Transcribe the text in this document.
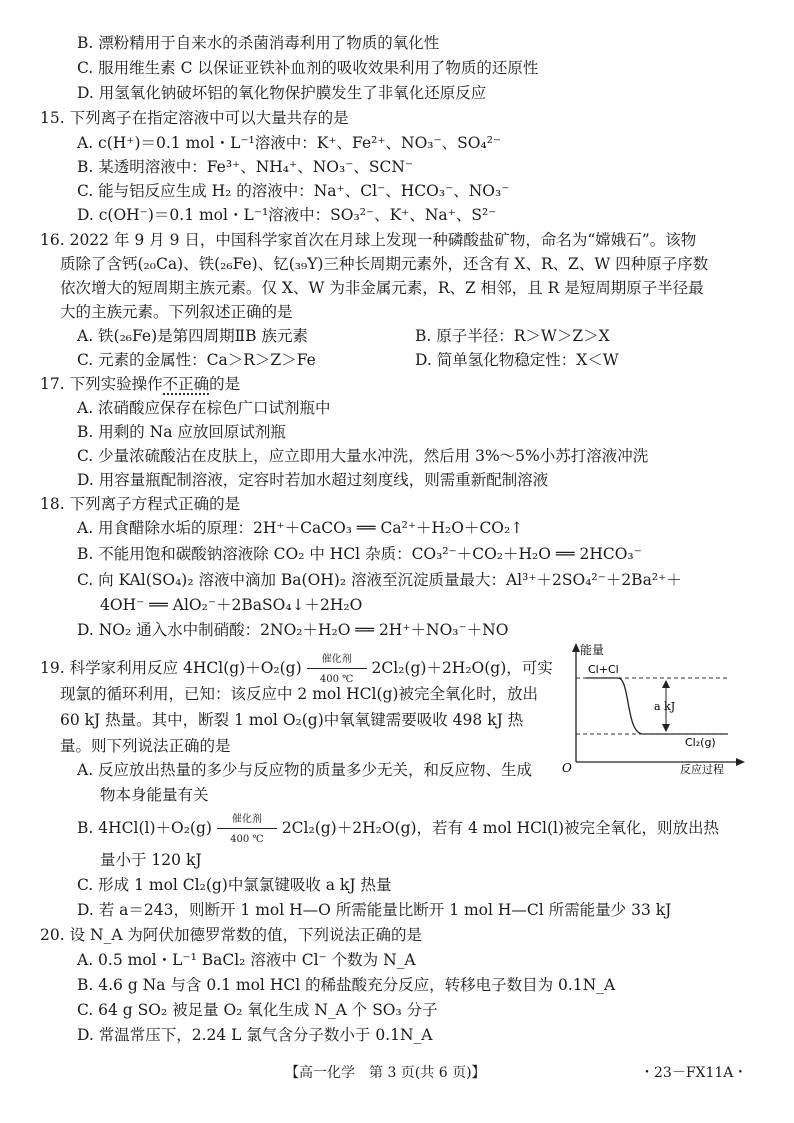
B. 漂粉精用于自来水的杀菌消毒利用了物质的氧化性
C. 服用维生素 C 以保证亚铁补血剂的吸收效果利用了物质的还原性
D. 用氢氧化钠破坏铝的氧化物保护膜发生了非氧化还原反应
15. 下列离子在指定溶液中可以大量共存的是
A. c(H⁺)＝0.1 mol・L⁻¹溶液中：K⁺、Fe²⁺、NO₃⁻、SO₄²⁻
B. 某透明溶液中：Fe³⁺、NH₄⁺、NO₃⁻、SCN⁻
C. 能与铝反应生成 H₂ 的溶液中：Na⁺、Cl⁻、HCO₃⁻、NO₃⁻
D. c(OH⁻)＝0.1 mol・L⁻¹溶液中：SO₃²⁻、K⁺、Na⁺、S²⁻
16. 2022 年 9 月 9 日，中国科学家首次在月球上发现一种磷酸盐矿物，命名为“嫦娥石”。该物
质除了含钙(₂₀Ca)、铁(₂₆Fe)、钇(₃₉Y)三种长周期元素外，还含有 X、R、Z、W 四种原子序数
依次增大的短周期主族元素。仅 X、W 为非金属元素，R、Z 相邻，且 R 是短周期原子半径最
大的主族元素。下列叙述正确的是
A. 铁(₂₆Fe)是第四周期ⅡB 族元素	B. 原子半径：R＞W＞Z＞X
C. 元素的金属性：Ca＞R＞Z＞Fe	D. 简单氢化物稳定性：X＜W
17. 下列实验操作不正确的是
A. 浓硝酸应保存在棕色广口试剂瓶中
B. 用剩的 Na 应放回原试剂瓶
C. 少量浓硫酸沾在皮肤上，应立即用大量水冲洗，然后用 3%～5%小苏打溶液冲洗
D. 用容量瓶配制溶液，定容时若加水超过刻度线，则需重新配制溶液
18. 下列离子方程式正确的是
A. 用食醋除水垢的原理：2H⁺＋CaCO₃ ══ Ca²⁺＋H₂O＋CO₂↑
B. 不能用饱和碳酸钠溶液除 CO₂ 中 HCl 杂质：CO₃²⁻＋CO₂＋H₂O ══ 2HCO₃⁻
C. 向 KAl(SO₄)₂ 溶液中滴加 Ba(OH)₂ 溶液至沉淀质量最大：Al³⁺＋2SO₄²⁻＋2Ba²⁺＋
4OH⁻ ══ AlO₂⁻＋2BaSO₄↓＋2H₂O
D. NO₂ 通入水中制硝酸：2NO₂＋H₂O ══ 2H⁺＋NO₃⁻＋NO
19. 科学家利用反应 $4HCl(g)+O_2(g) \frac{\text{催化剂}}{400 ℃} 2Cl_2(g)+2H_2O(g)$，可实
现氯的循环利用，已知：该反应中 2 mol HCl(g)被完全氧化时，放出
60 kJ 热量。其中，断裂 1 mol O₂(g)中氧氧键需要吸收 498 kJ 热
量。则下列说法正确的是
A. 反应放出热量的多少与反应物的质量多少无关，和反应物、生成
物本身能量有关
B. $4HCl(l)+O_2(g) \frac{\text{催化剂}}{400 ℃} 2Cl_2(g)+2H_2O(g)$，若有 4 mol HCl(l)被完全氧化，则放出热
量小于 120 kJ
C. 形成 1 mol Cl₂(g)中氯氯键吸收 a kJ 热量
D. 若 a＝243，则断开 1 mol H—O 所需能量比断开 1 mol H—Cl 所需能量少 33 kJ
20. 设 N_A 为阿伏加德罗常数的值，下列说法正确的是
A. 0.5 mol・L⁻¹ BaCl₂ 溶液中 Cl⁻ 个数为 N_A
B. 4.6 g Na 与含 0.1 mol HCl 的稀盐酸充分反应，转移电子数目为 0.1N_A
C. 64 g SO₂ 被足量 O₂ 氧化生成 N_A 个 SO₃ 分子
D. 常温常压下，2.24 L 氯气含分子数小于 0.1N_A
能量
O	反应过程
Cl+Cl
Cl₂(g)
a kJ
【高一化学　第 3 页(共 6 页)】	・23－FX11A・
